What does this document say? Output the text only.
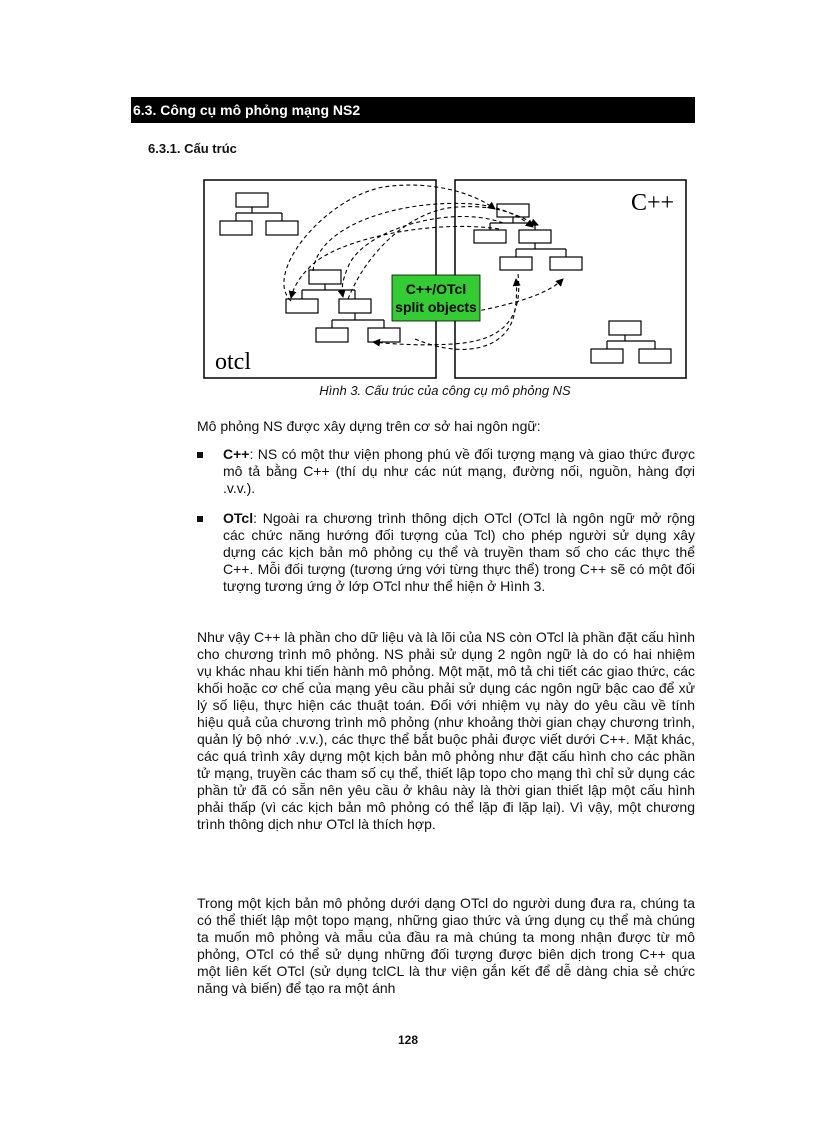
6.3. Công cụ mô phỏng mạng NS2
6.3.1. Cấu trúc
C++/OTcl
split objects
otcl
C++
Hình 3. Cấu trúc của công cụ mô phỏng NS
Mô phỏng NS được xây dựng trên cơ sở hai ngôn ngữ:
C++: NS có một thư viện phong phú về đối tượng mạng và giao thức được mô tả bằng C++ (thí dụ như các nút mạng, đường nối, nguồn, hàng đợi .v.v.).
OTcl: Ngoài ra chương trình thông dịch OTcl (OTcl là ngôn ngữ mở rộng các chức năng hướng đối tượng của Tcl) cho phép người sử dụng xây dựng các kịch bản mô phỏng cụ thể và truyền tham số cho các thực thể C++. Mỗi đối tượng (tương ứng với từng thực thể) trong C++ sẽ có một đối tượng tương ứng ở lớp OTcl như thể hiện ở Hình 3.
Như vậy C++ là phần cho dữ liệu và là lõi của NS còn OTcl là phần đặt cấu hình cho chương trình mô phỏng. NS phải sử dụng 2 ngôn ngữ là do có hai nhiệm vụ khác nhau khi tiến hành mô phỏng. Một mặt, mô tả chi tiết các giao thức, các khối hoặc cơ chế của mạng yêu cầu phải sử dụng các ngôn ngữ bậc cao để xử lý số liệu, thực hiện các thuật toán. Đối với nhiệm vụ này do yêu cầu về tính hiệu quả của chương trình mô phỏng (như khoảng thời gian chạy chương trình, quản lý bộ nhớ .v.v.), các thực thể bắt buộc phải được viết dưới C++. Mặt khác, các quá trình xây dựng một kịch bản mô phỏng như đặt cấu hình cho các phần tử mạng, truyền các tham số cụ thể, thiết lập topo cho mạng thì chỉ sử dụng các phần tử đã có sẵn nên yêu cầu ở khâu này là thời gian thiết lập một cấu hình phải thấp (vì các kịch bản mô phỏng có thể lặp đi lặp lại). Vì vậy, một chương trình thông dịch như OTcl là thích hợp.
Trong một kịch bản mô phỏng dưới dạng OTcl do người dung đưa ra, chúng ta có thể thiết lập một topo mạng, những giao thức và ứng dụng cụ thể mà chúng ta muốn mô phỏng và mẫu của đầu ra mà chúng ta mong nhận được từ mô phỏng, OTcl có thể sử dụng những đối tượng được biên dịch trong C++ qua một liên kết OTcl (sử dụng tclCL là thư viện gắn kết để dễ dàng chia sẻ chức năng và biến) để tạo ra một ánh
128
